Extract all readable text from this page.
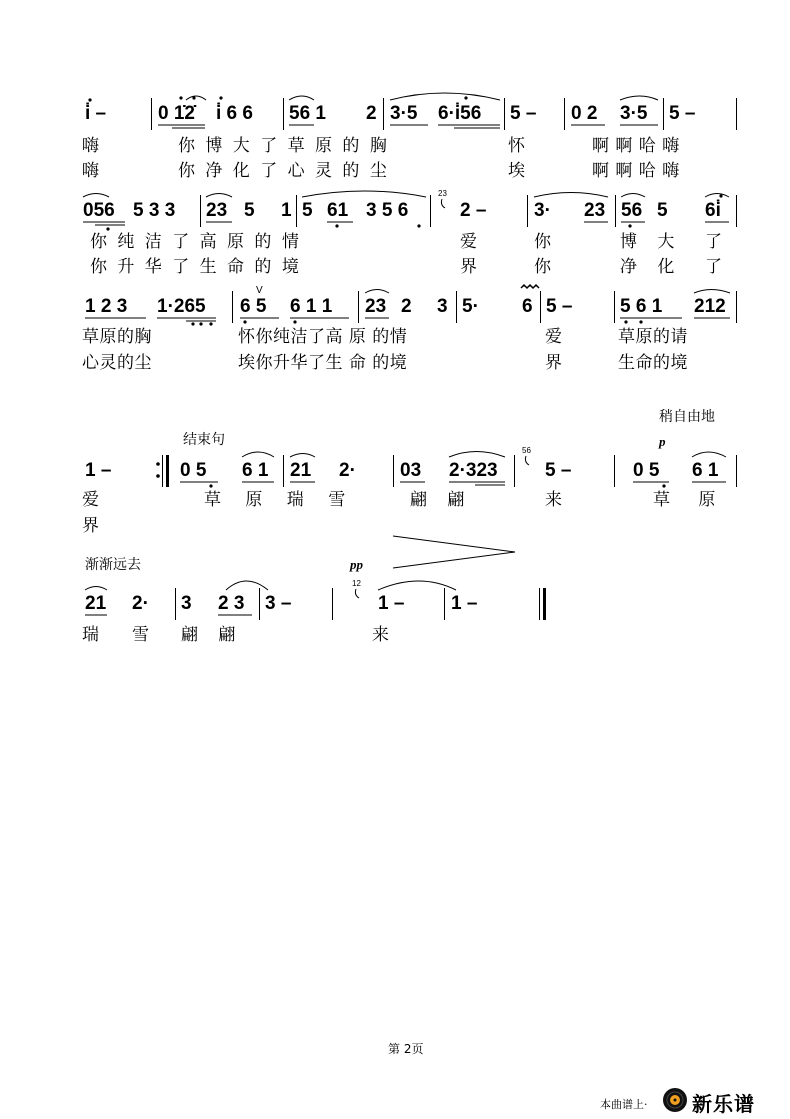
i̇ –	0 1̇2̇ i̇ 6 6 56 1 2 3·5 6·i̇56 5 – 0 2 3·5 5 –
嗨	你 博 大 了 草 原 的 胸	怀	啊 啊 哈 嗨
嗨	你 净 化 了 心 灵 的 尘	埃	啊 啊 哈 嗨
056 5 3 3 23 5 1 5 61 3 5 6
23
2 –	3· 23 56 5 6i̇
你 纯 洁 了 高 原 的 情	爱	你	博 大 了
你 升 华 了 生 命 的 境	界	你	净 化 了
1 2 3 1·265
V
6 5 6 1 1 23 2 3 5· 6 5 –	5 6 1 212
草原的胸	怀你纯洁了高 原 的情	爱	草原的请
心灵的尘	埃你升华了生 命 的境	界	生命的境
稍自由地
结束句	p
1 –	0 5 6 1 21 2· 03 2·323
56
5 –	0 5 6 1
爱	草 原 瑞 雪	翩 翩	来	草 原
界
渐渐远去	pp
21 2· 3 2 3 3 –
12
1 – 1 –
瑞 雪 翩 翩	来
第 2页
本曲谱上· 新乐谱
